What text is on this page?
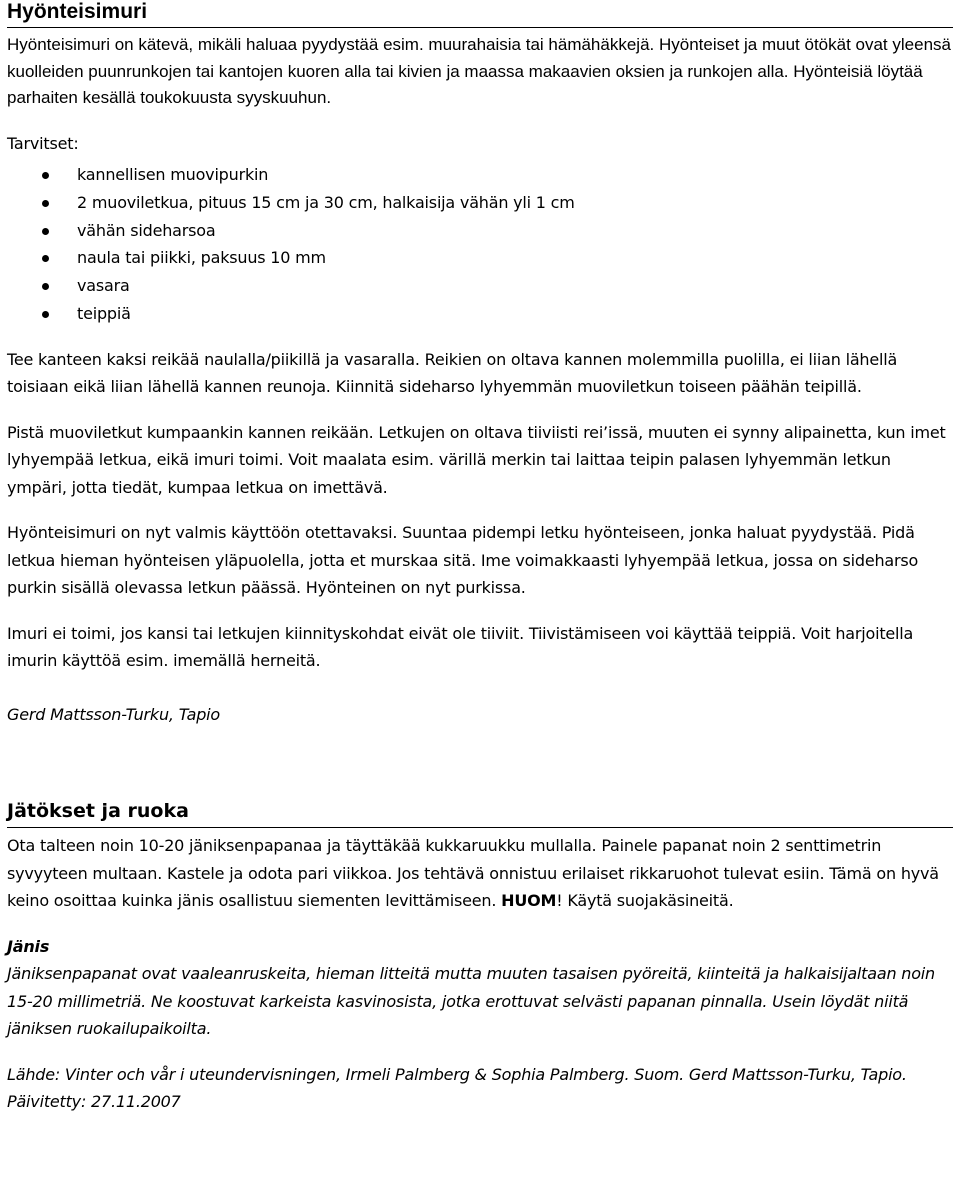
Hyönteisimuri

Hyönteisimuri on kätevä, mikäli haluaa pyydystää esim. muurahaisia tai hämähäkkejä. Hyönteiset ja muut ötökät ovat yleensä kuolleiden puunrunkojen tai kantojen kuoren alla tai kivien ja maassa makaavien oksien ja runkojen alla. Hyönteisiä löytää parhaiten kesällä toukokuusta syyskuuhun.

Tarvitset:

kannellisen muovipurkin
2 muoviletkua, pituus 15 cm ja 30 cm, halkaisija vähän yli 1 cm
vähän sideharsoa
naula tai piikki, paksuus 10 mm
vasara
teippiä

Tee kanteen kaksi reikää naulalla/piikillä ja vasaralla. Reikien on oltava kannen molemmilla puolilla, ei liian lähellä toisiaan eikä liian lähellä kannen reunoja. Kiinnitä sideharso lyhyemmän muoviletkun toiseen päähän teipillä.

Pistä muoviletkut kumpaankin kannen reikään. Letkujen on oltava tiiviisti rei’issä, muuten ei synny alipainetta, kun imet lyhyempää letkua, eikä imuri toimi. Voit maalata esim. värillä merkin tai laittaa teipin palasen lyhyemmän letkun ympäri, jotta tiedät, kumpaa letkua on imettävä.

Hyönteisimuri on nyt valmis käyttöön otettavaksi. Suuntaa pidempi letku hyönteiseen, jonka haluat pyydystää. Pidä letkua hieman hyönteisen yläpuolella, jotta et murskaa sitä. Ime voimakkaasti lyhyempää letkua, jossa on sideharso purkin sisällä olevassa letkun päässä. Hyönteinen on nyt purkissa.

Imuri ei toimi, jos kansi tai letkujen kiinnityskohdat eivät ole tiiviit. Tiivistämiseen voi käyttää teippiä. Voit harjoitella imurin käyttöä esim. imemällä herneitä.

Gerd Mattsson-Turku, Tapio

Jätökset ja ruoka

Ota talteen noin 10-20 jäniksenpapanaa ja täyttäkää kukkaruukku mullalla. Painele papanat noin 2 senttimetrin syvyyteen multaan. Kastele ja odota pari viikkoa. Jos tehtävä onnistuu erilaiset rikkaruohot tulevat esiin. Tämä on hyvä keino osoittaa kuinka jänis osallistuu siementen levittämiseen. HUOM! Käytä suojakäsineitä.

Jänis

Jäniksenpapanat ovat vaaleanruskeita, hieman litteitä mutta muuten tasaisen pyöreitä, kiinteitä ja halkaisijaltaan noin 15-20 millimetriä. Ne koostuvat karkeista kasvinosista, jotka erottuvat selvästi papanan pinnalla. Usein löydät niitä jäniksen ruokailupaikoilta.

Lähde: Vinter och vår i uteundervisningen, Irmeli Palmberg & Sophia Palmberg. Suom. Gerd Mattsson-Turku, Tapio. Päivitetty: 27.11.2007
